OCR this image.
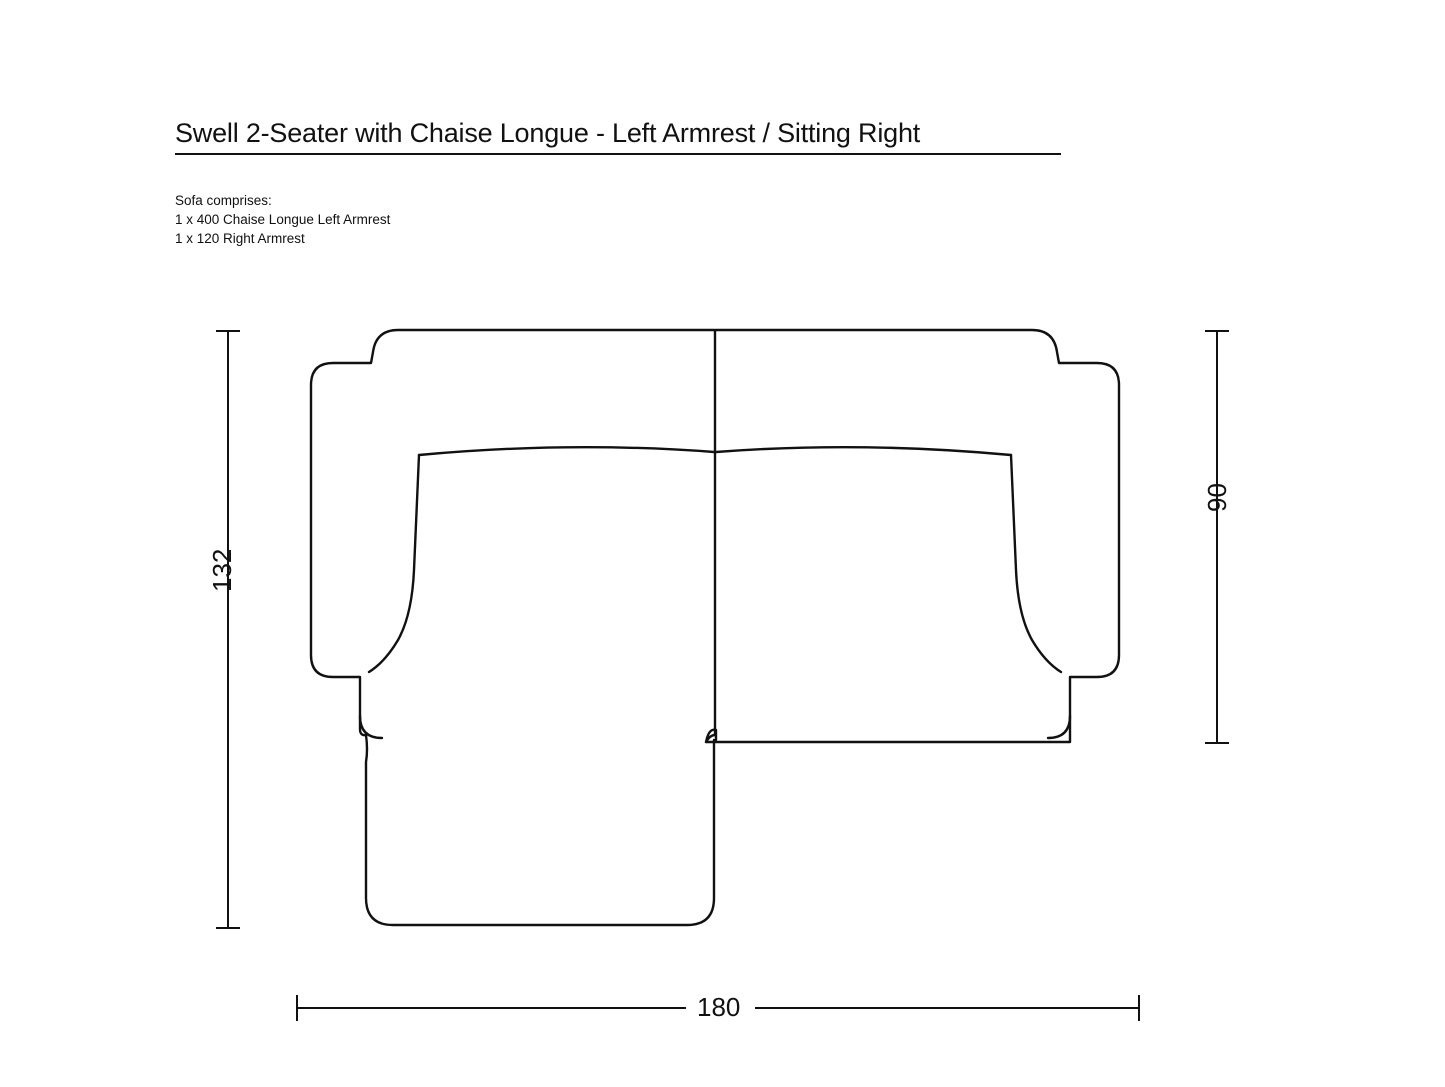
Swell 2-Seater with Chaise Longue - Left Armrest / Sitting Right
Sofa comprises:
1 x 400 Chaise Longue Left Armrest
1 x 120 Right Armrest
132
90
180
